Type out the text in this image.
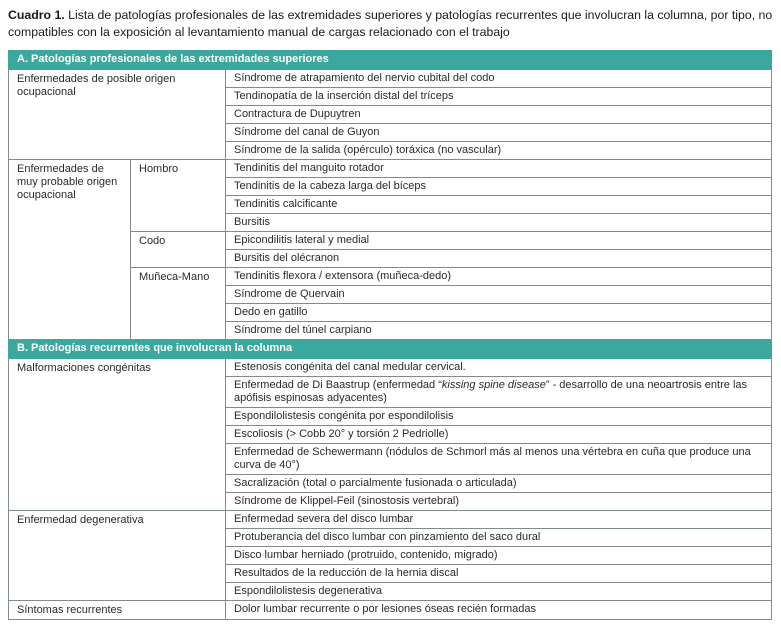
Cuadro 1. Lista de patologías profesionales de las extremidades superiores y patologías recurrentes que involucran la columna, por tipo, no compatibles con la exposición al levantamiento manual de cargas relacionado con el trabajo
A. Patologías profesionales de las extremidades superiores		
Enfermedades de posible origen ocupacional		Síndrome de atrapamiento del nervio cubital del codo
		Tendinopatía de la inserción distal del tríceps
		Contractura de Dupuytren
		Síndrome del canal de Guyon
		Síndrome de la salida (opérculo) toráxica (no vascular)
Enfermedades de muy probable origen ocupacional	Hombro	Tendinitis del manguito rotador
		Tendinitis de la cabeza larga del bíceps
		Tendinitis calcificante
		Bursitis
	Codo	Epicondilitis lateral y medial
		Bursitis del olécranon
	Muñeca-Mano	Tendinitis flexora / extensora (muñeca-dedo)
		Síndrome de Quervain
		Dedo en gatillo
		Síndrome del túnel carpiano
B. Patologías recurrentes que involucran la columna		
Malformaciones congénitas		Estenosis congénita del canal medular cervical.
		Enfermedad de Di Baastrup (enfermedad “kissing spine disease” - desarrollo de una neoartrosis entre las apófisis espinosas adyacentes)
		Espondilolistesis congénita por espondilolisis
		Escoliosis (> Cobb 20° y torsión 2 Pedriolle)
		Enfermedad de Schewermann (nódulos de Schmorl más al menos una vértebra en cuña que produce una curva de 40°)
		Sacralización (total o parcialmente fusionada o articulada)
		Síndrome de Klippel-Feil (sinostosis vertebral)
Enfermedad degenerativa		Enfermedad severa del disco lumbar
		Protuberancia del disco lumbar con pinzamiento del saco dural
		Disco lumbar herniado (protruido, contenido, migrado)
		Resultados de la reducción de la hernia discal
		Espondilolistesis degenerativa
Síntomas recurrentes		Dolor lumbar recurrente o por lesiones óseas recién formadas
